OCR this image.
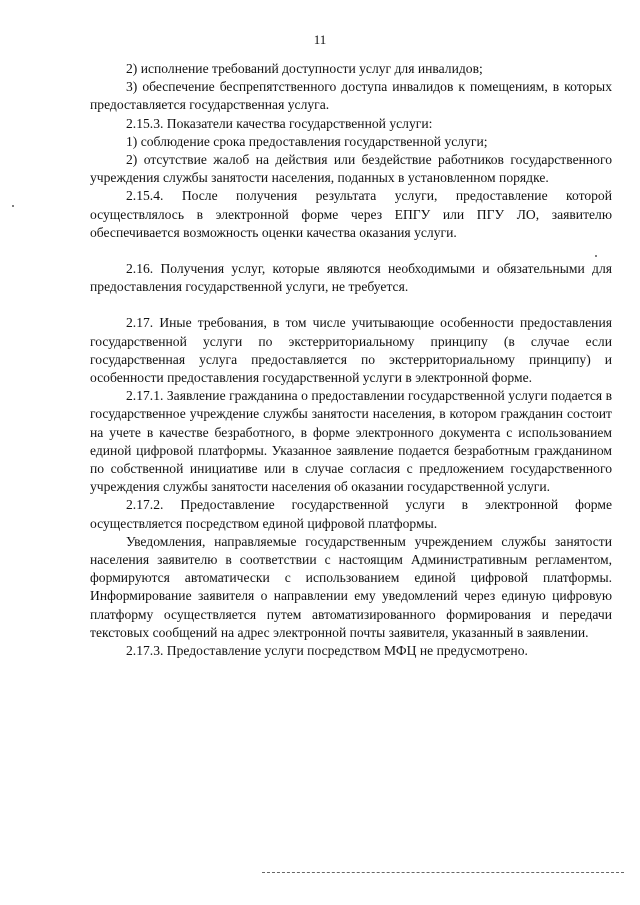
11

2) исполнение требований доступности услуг для инвалидов;

3) обеспечение беспрепятственного доступа инвалидов к помещениям, в которых предоставляется государственная услуга.

2.15.3. Показатели качества государственной услуги:

1) соблюдение срока предоставления государственной услуги;

2) отсутствие жалоб на действия или бездействие работников государственного учреждения службы занятости населения, поданных в установленном порядке.

2.15.4. После получения результата услуги, предоставление которой осуществлялось в электронной форме через ЕПГУ или ПГУ ЛО, заявителю обеспечивается возможность оценки качества оказания услуги.

2.16. Получения услуг, которые являются необходимыми и обязательными для предоставления государственной услуги, не требуется.

2.17. Иные требования, в том числе учитывающие особенности предоставления государственной услуги по экстерриториальному принципу (в случае если государственная услуга предоставляется по экстерриториальному принципу) и особенности предоставления государственной услуги в электронной форме.

2.17.1. Заявление гражданина о предоставлении государственной услуги подается в государственное учреждение службы занятости населения, в котором гражданин состоит на учете в качестве безработного, в форме электронного документа с использованием единой цифровой платформы. Указанное заявление подается безработным гражданином по собственной инициативе или в случае согласия с предложением государственного учреждения службы занятости населения об оказании государственной услуги.

2.17.2. Предоставление государственной услуги в электронной форме осуществляется посредством единой цифровой платформы.

Уведомления, направляемые государственным учреждением службы занятости населения заявителю в соответствии с настоящим Административным регламентом, формируются автоматически с использованием единой цифровой платформы. Информирование заявителя о направлении ему уведомлений через единую цифровую платформу осуществляется путем автоматизированного формирования и передачи текстовых сообщений на адрес электронной почты заявителя, указанный в заявлении.

2.17.3. Предоставление услуги посредством МФЦ не предусмотрено.
